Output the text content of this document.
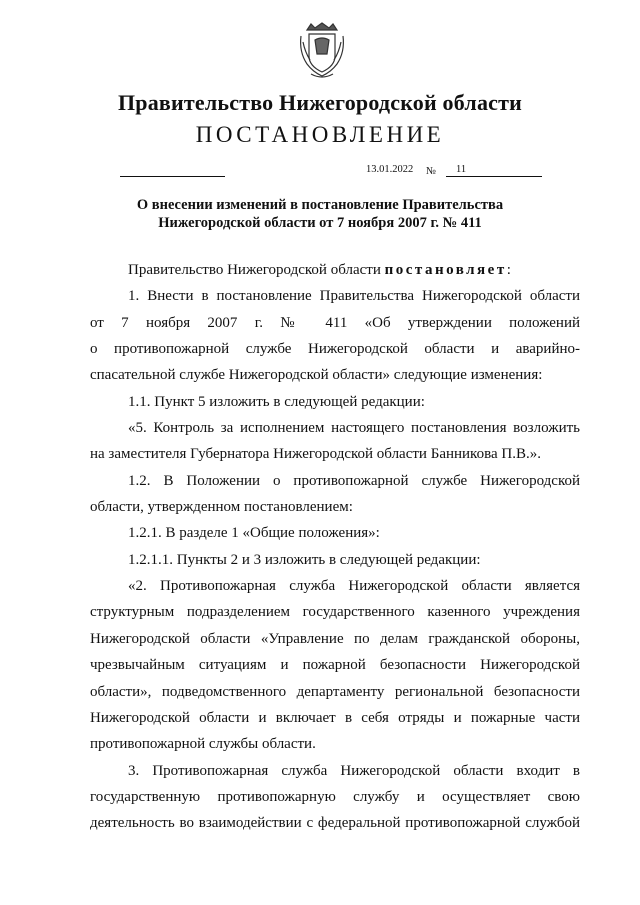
Правительство Нижегородской области
ПОСТАНОВЛЕНИЕ
13.01.2022 № 11
О внесении изменений в постановление Правительства
Нижегородской области от 7 ноября 2007 г. № 411
Правительство Нижегородской области постановляет:
1. Внести в постановление Правительства Нижегородской области
от 7 ноября 2007 г. № 411 «Об утверждении положений
о противопожарной службе Нижегородской области и аварийно-
спасательной службе Нижегородской области» следующие изменения:
1.1. Пункт 5 изложить в следующей редакции:
«5. Контроль за исполнением настоящего постановления возложить
на заместителя Губернатора Нижегородской области Банникова П.В.».
1.2. В Положении о противопожарной службе Нижегородской
области, утвержденном постановлением:
1.2.1. В разделе 1 «Общие положения»:
1.2.1.1. Пункты 2 и 3 изложить в следующей редакции:
«2. Противопожарная служба Нижегородской области является
структурным подразделением государственного казенного учреждения
Нижегородской области «Управление по делам гражданской обороны,
чрезвычайным ситуациям и пожарной безопасности Нижегородской
области», подведомственного департаменту региональной безопасности
Нижегородской области и включает в себя отряды и пожарные части
противопожарной службы области.
3. Противопожарная служба Нижегородской области входит в
государственную противопожарную службу и осуществляет свою
деятельность во взаимодействии с федеральной противопожарной службой
